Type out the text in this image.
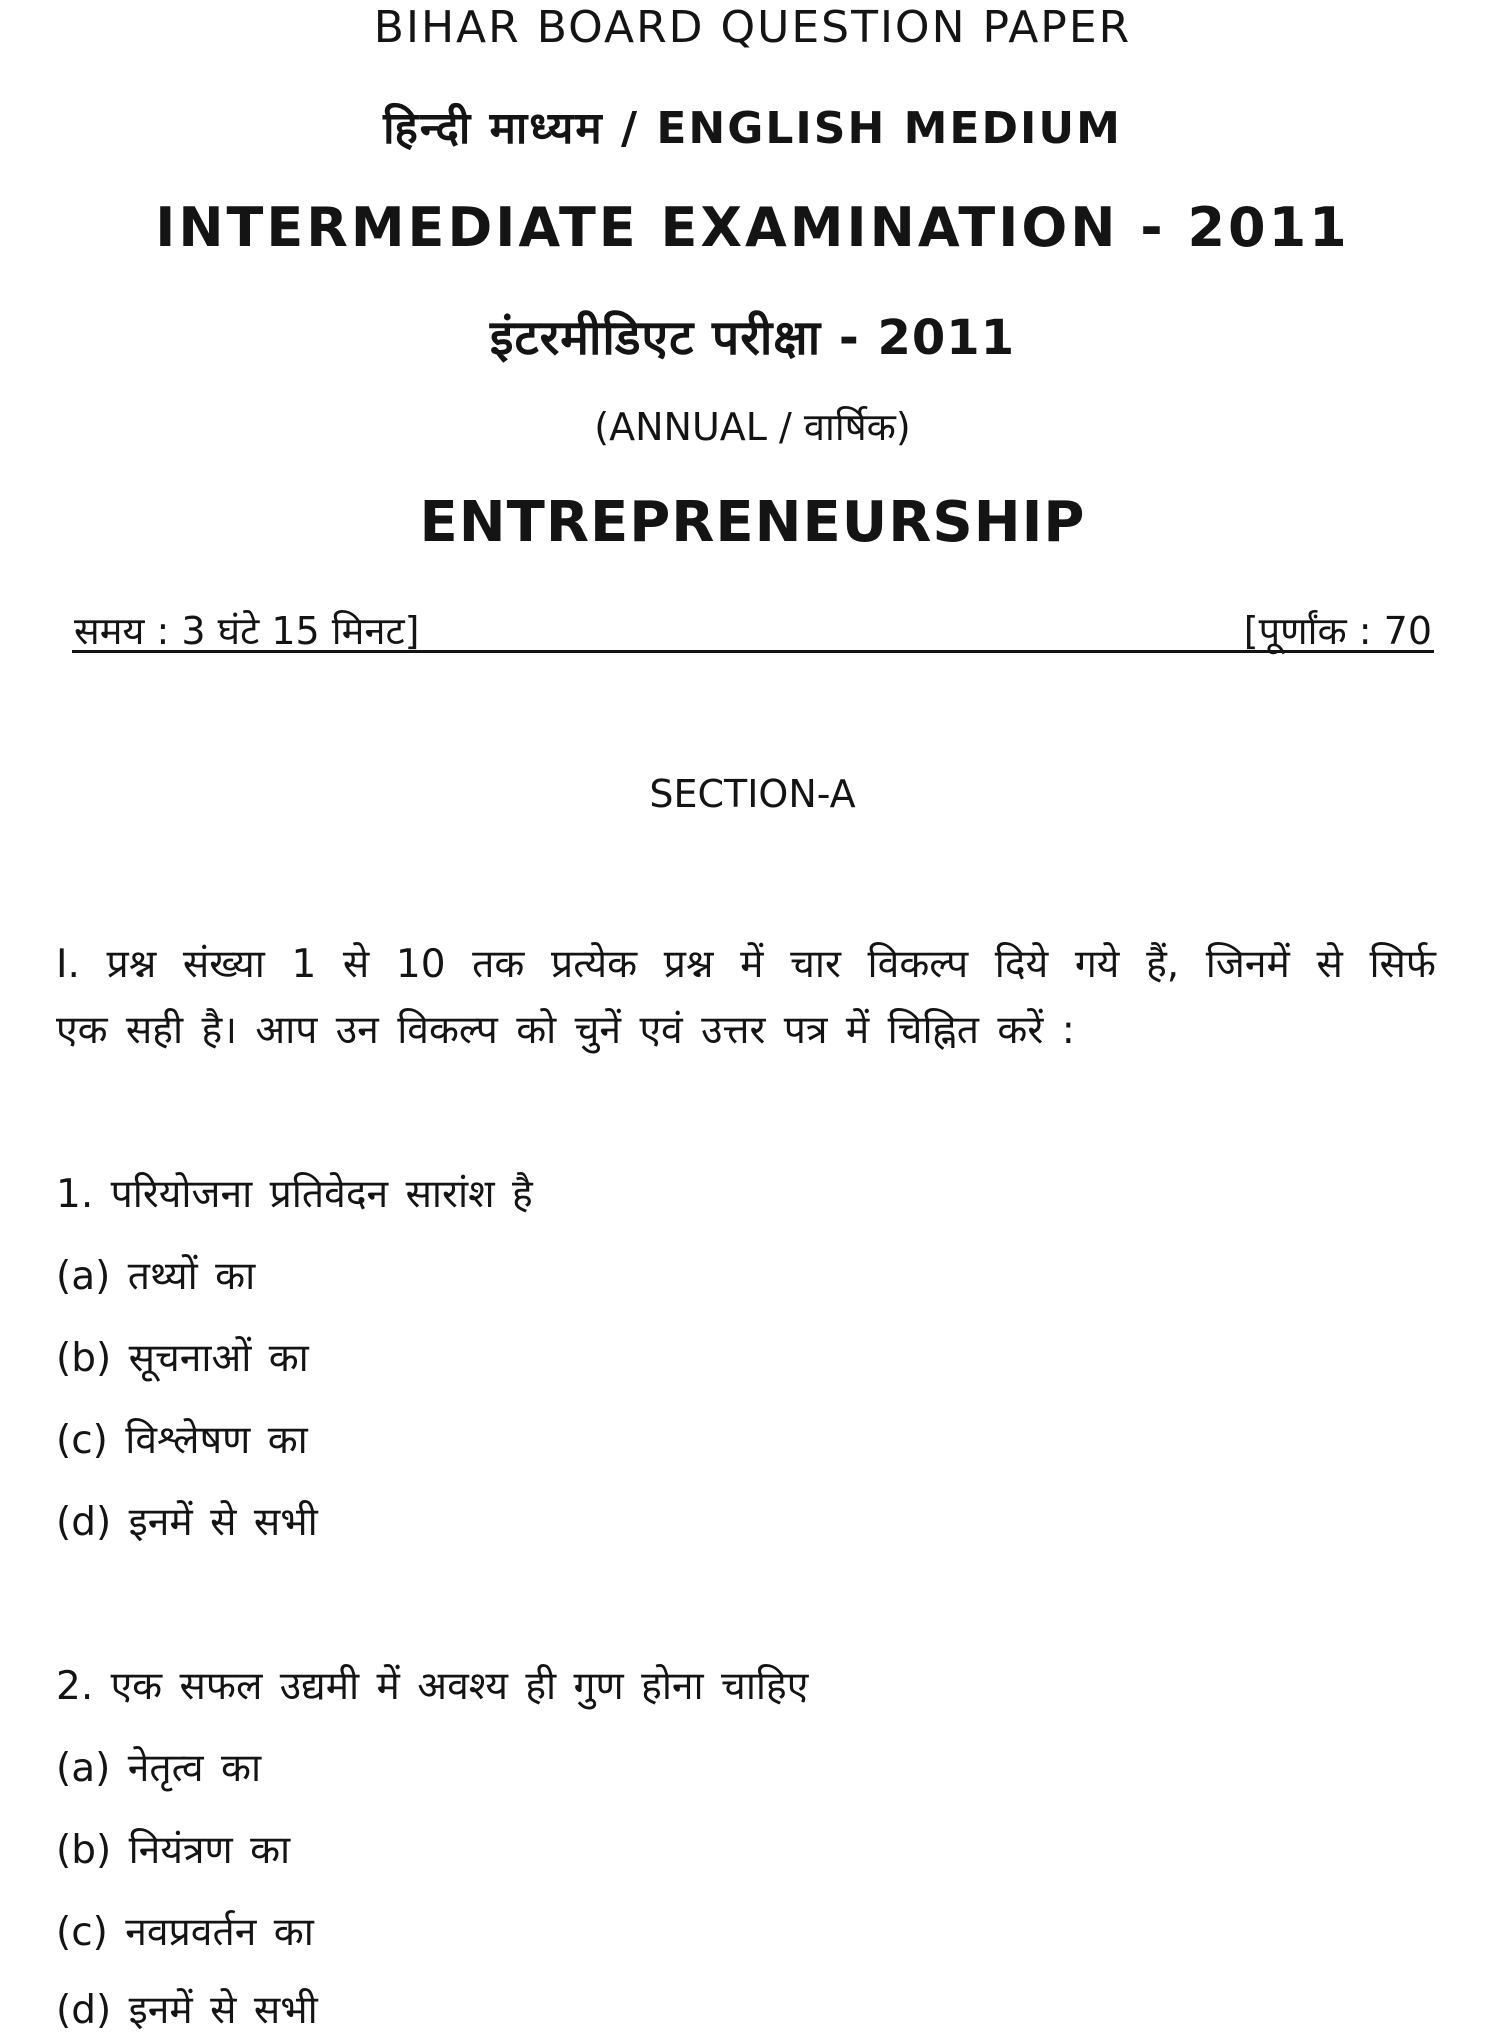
BIHAR BOARD QUESTION PAPER
हिन्दी माध्यम / ENGLISH MEDIUM
INTERMEDIATE EXAMINATION - 2011
इंटरमीडिएट परीक्षा - 2011
(ANNUAL / वार्षिक)
ENTREPRENEURSHIP
समय : 3 घंटे 15 मिनट]	[पूर्णांक : 70
SECTION-A
I. प्रश्न संख्या 1 से 10 तक प्रत्येक प्रश्न में चार विकल्प दिये गये हैं, जिनमें से सिर्फ
एक सही है। आप उन विकल्प को चुनें एवं उत्तर पत्र में चिह्नित करें :
1. परियोजना प्रतिवेदन सारांश है
(a) तथ्यों का
(b) सूचनाओं का
(c) विश्लेषण का
(d) इनमें से सभी
2. एक सफल उद्यमी में अवश्य ही गुण होना चाहिए
(a) नेतृत्व का
(b) नियंत्रण का
(c) नवप्रवर्तन का
(d) इनमें से सभी
